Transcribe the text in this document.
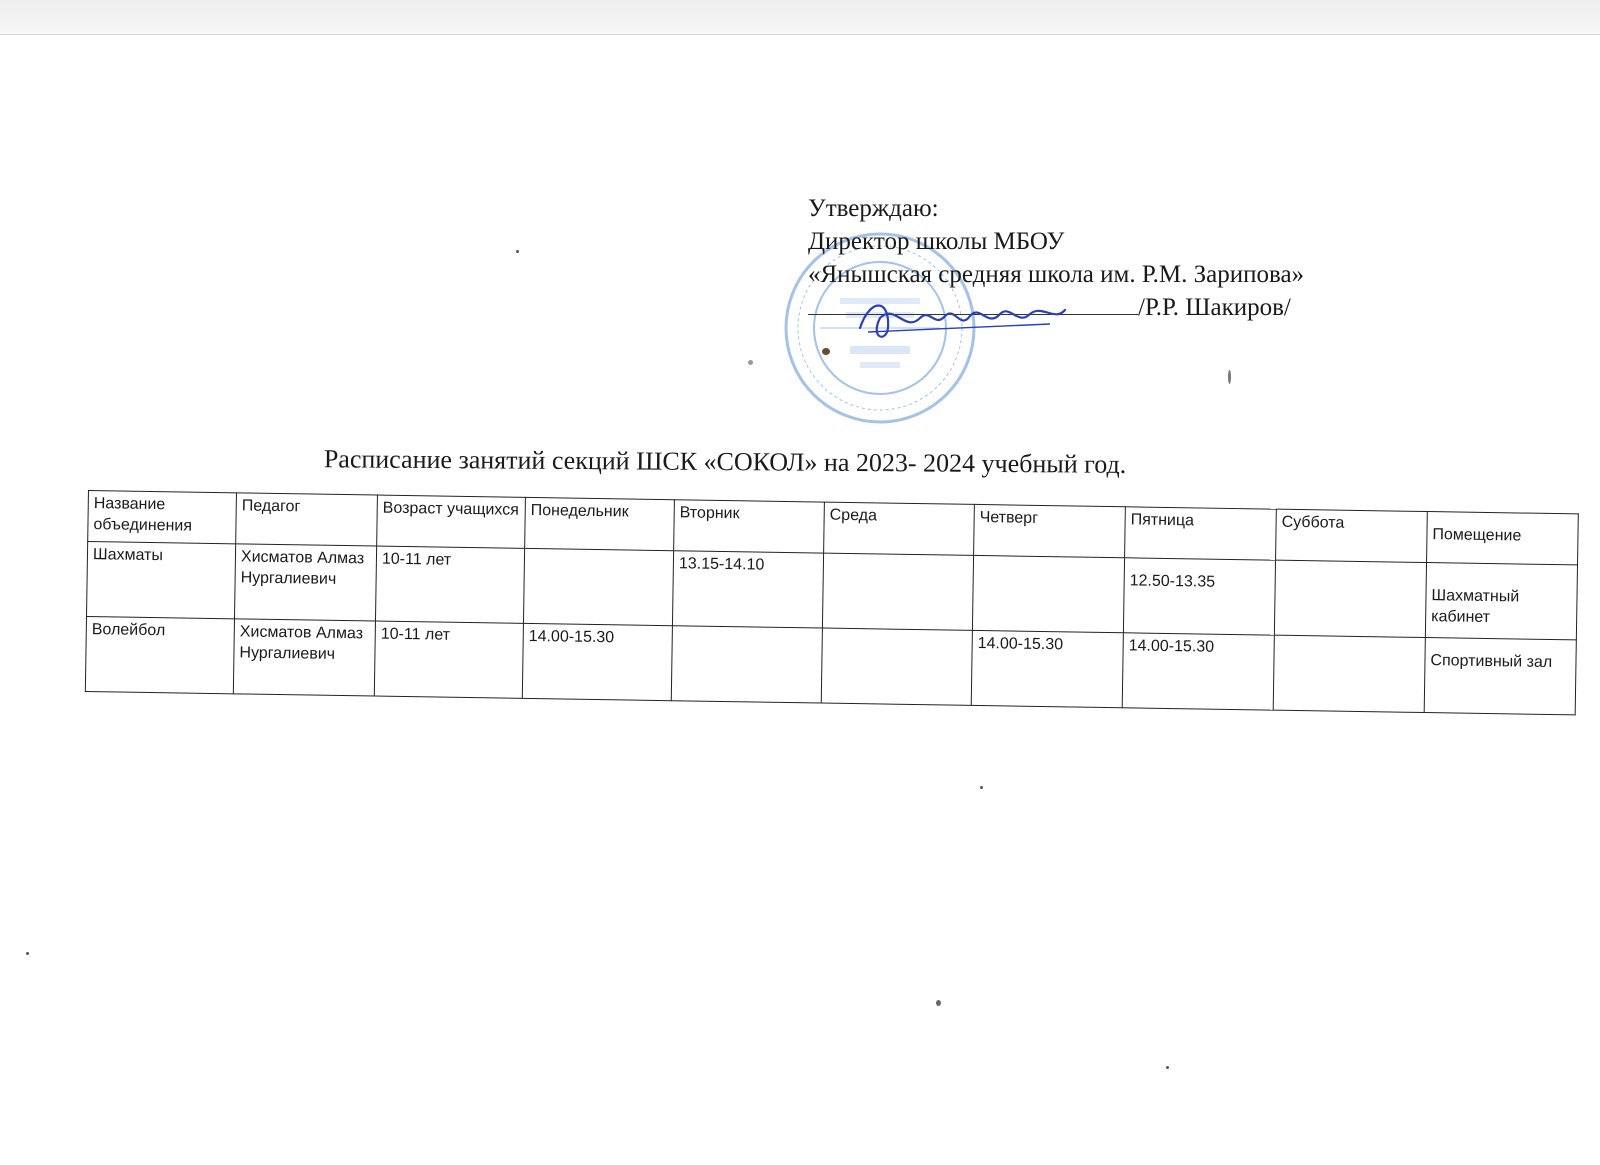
Утверждаю:
Директор школы МБОУ
«Янышская средняя школа им. Р.М. Зарипова»
/Р.Р. Шакиров/
Расписание занятий секций ШСК «СОКОЛ» на 2023- 2024 учебный год.
Название объединения	Педагог	Возраст учащихся	Понедельник	Вторник	Среда	Четверг	Пятница	Суббота	Помещение
Шахматы	Хисматов Алмаз Нургалиевич	10-11 лет		13.15-14.10			12.50-13.35		Шахматный кабинет
Волейбол	Хисматов Алмаз Нургалиевич	10-11 лет	14.00-15.30			14.00-15.30	14.00-15.30		Спортивный зал
